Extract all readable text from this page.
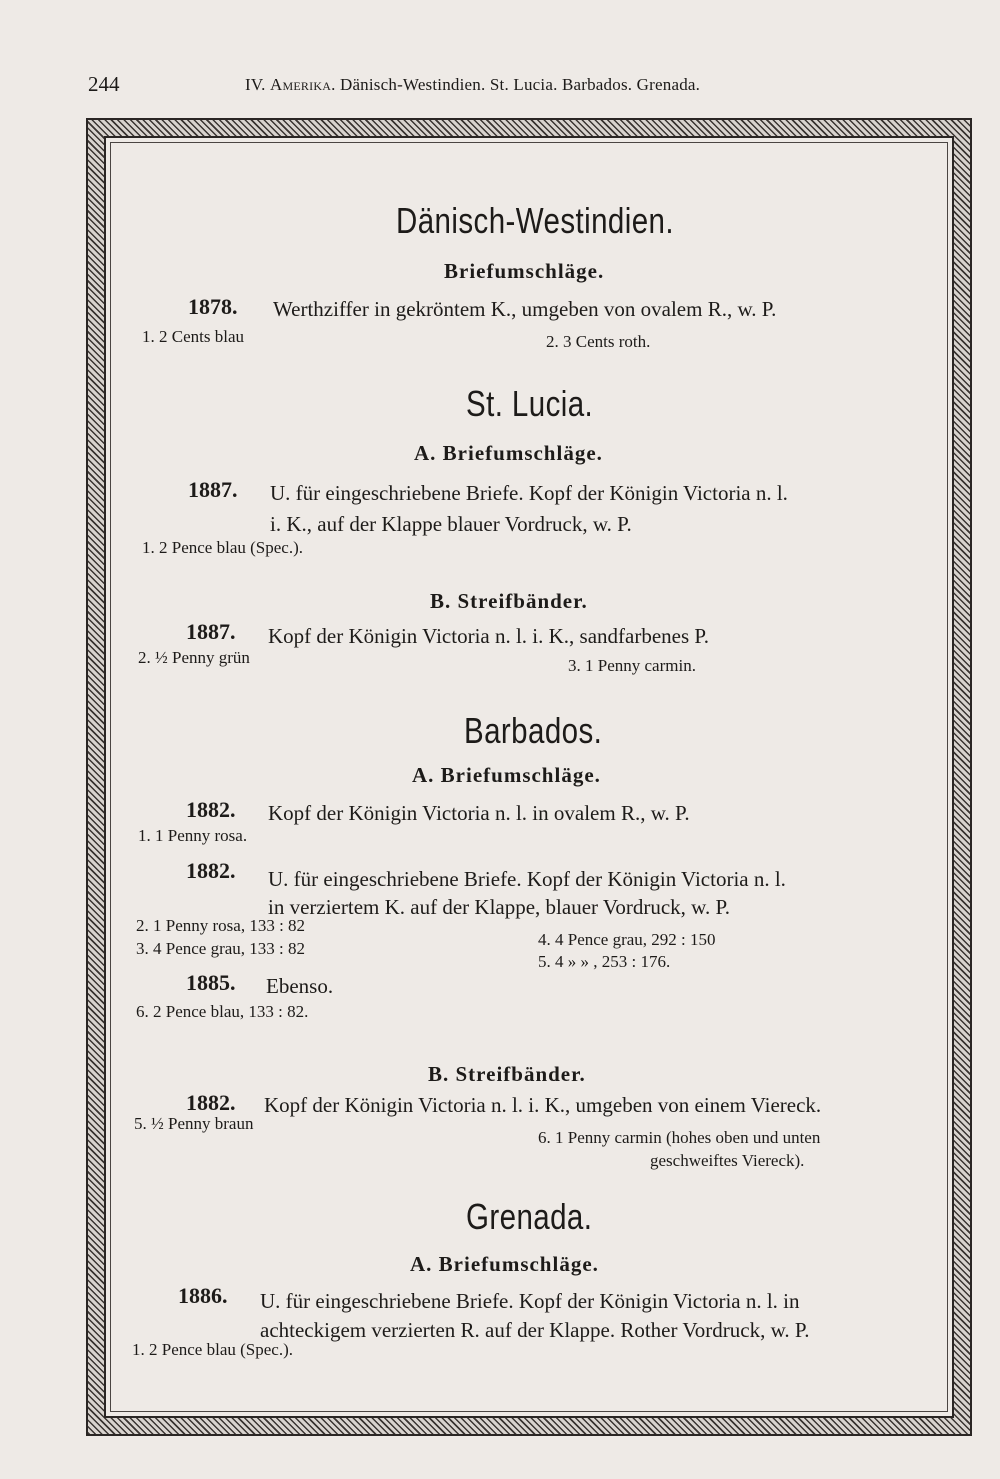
244	IV. Amerika. Dänisch-Westindien. St. Lucia. Barbados. Grenada.
Dänisch-Westindien.
Briefumschläge.
1878. Werthziffer in gekröntem K., umgeben von ovalem R., w. P.
1. 2 Cents blau	2. 3 Cents roth.
St. Lucia.
A. Briefumschläge.
1887. U. für eingeschriebene Briefe. Kopf der Königin Victoria n. l.
i. K., auf der Klappe blauer Vordruck, w. P.
1. 2 Pence blau (Spec.).
B. Streifbänder.
1887. Kopf der Königin Victoria n. l. i. K., sandfarbenes P.
2. ½ Penny grün	3. 1 Penny carmin.
Barbados.
A. Briefumschläge.
1882. Kopf der Königin Victoria n. l. in ovalem R., w. P.
1. 1 Penny rosa.
1882. U. für eingeschriebene Briefe. Kopf der Königin Victoria n. l.
in verziertem K. auf der Klappe, blauer Vordruck, w. P.
2. 1 Penny rosa, 133 : 82
3. 4 Pence grau, 133 : 82	4. 4 Pence grau, 292 : 150
5. 4 » » , 253 : 176.
1885. Ebenso.
6. 2 Pence blau, 133 : 82.
B. Streifbänder.
1882. Kopf der Königin Victoria n. l. i. K., umgeben von einem Viereck.
5. ½ Penny braun
6. 1 Penny carmin (hohes oben und unten
geschweiftes Viereck).
Grenada.
A. Briefumschläge.
1886. U. für eingeschriebene Briefe. Kopf der Königin Victoria n. l. in
achteckigem verzierten R. auf der Klappe. Rother Vordruck, w. P.
1. 2 Pence blau (Spec.).
